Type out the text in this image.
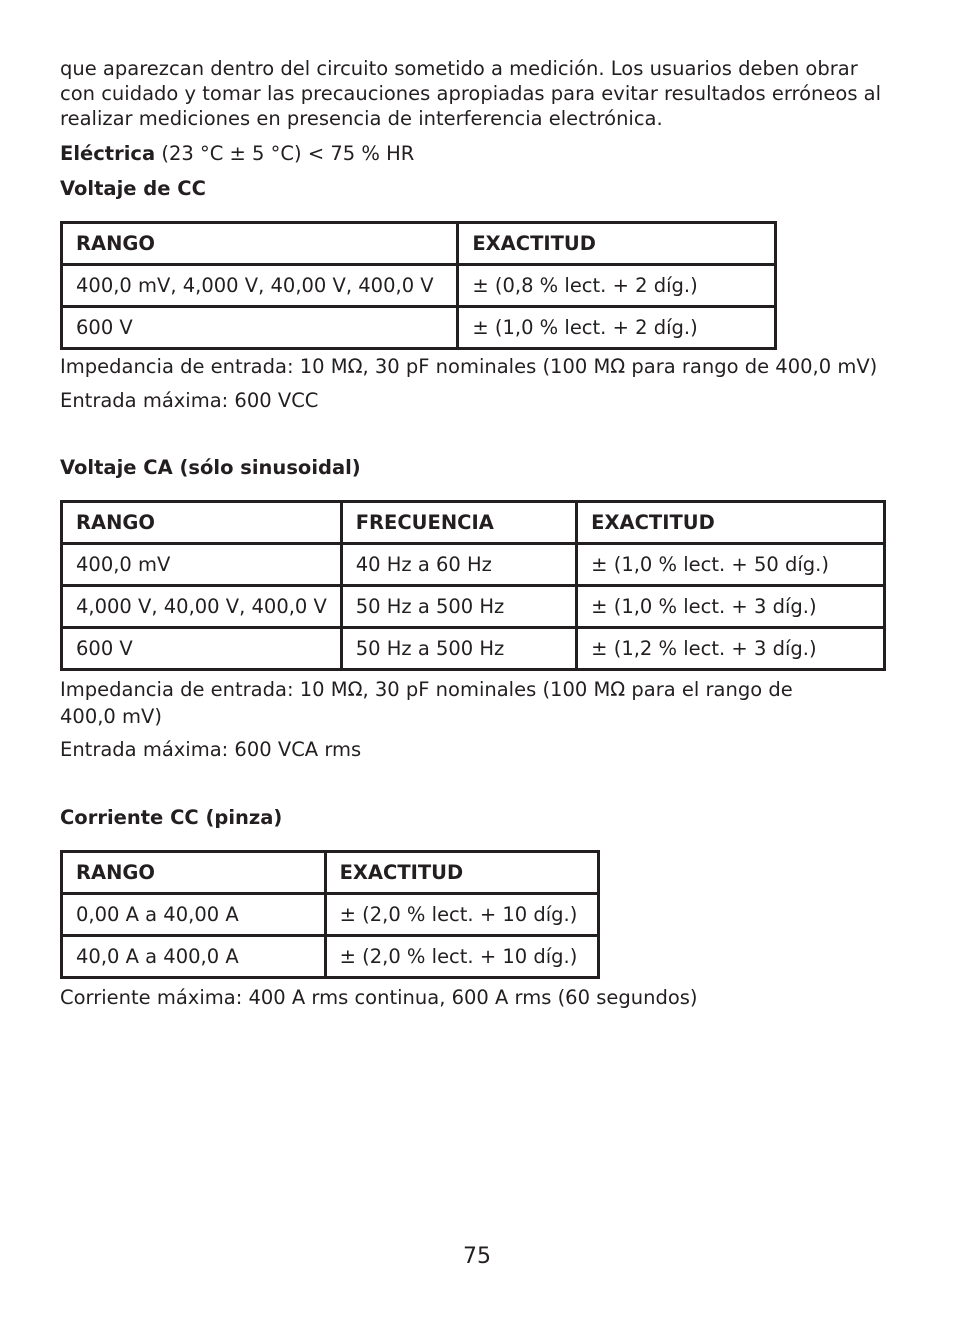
que aparezcan dentro del circuito sometido a medición. Los usuarios deben obrar

con cuidado y tomar las precauciones apropiadas para evitar resultados erróneos al

realizar mediciones en presencia de interferencia electrónica.

Eléctrica (23 °C ± 5 °C) < 75 % HR

Voltaje de CC

RANGO	EXACTITUD
400,0 mV, 4,000 V, 40,00 V, 400,0 V	± (0,8 % lect. + 2 díg.)
600 V	± (1,0 % lect. + 2 díg.)

Impedancia de entrada: 10 MΩ, 30 pF nominales (100 MΩ para rango de 400,0 mV)

Entrada máxima: 600 VCC

Voltaje CA (sólo sinusoidal)

RANGO	FRECUENCIA	EXACTITUD
400,0 mV	40 Hz a 60 Hz	± (1,0 % lect. + 50 díg.)
4,000 V, 40,00 V, 400,0 V	50 Hz a 500 Hz	± (1,0 % lect. + 3 díg.)
600 V	50 Hz a 500 Hz	± (1,2 % lect. + 3 díg.)

Impedancia de entrada: 10 MΩ, 30 pF nominales (100 MΩ para el rango de

400,0 mV)

Entrada máxima: 600 VCA rms

Corriente CC (pinza)

RANGO	EXACTITUD
0,00 A a 40,00 A	± (2,0 % lect. + 10 díg.)
40,0 A a 400,0 A	± (2,0 % lect. + 10 díg.)

Corriente máxima: 400 A rms continua, 600 A rms (60 segundos)

75
